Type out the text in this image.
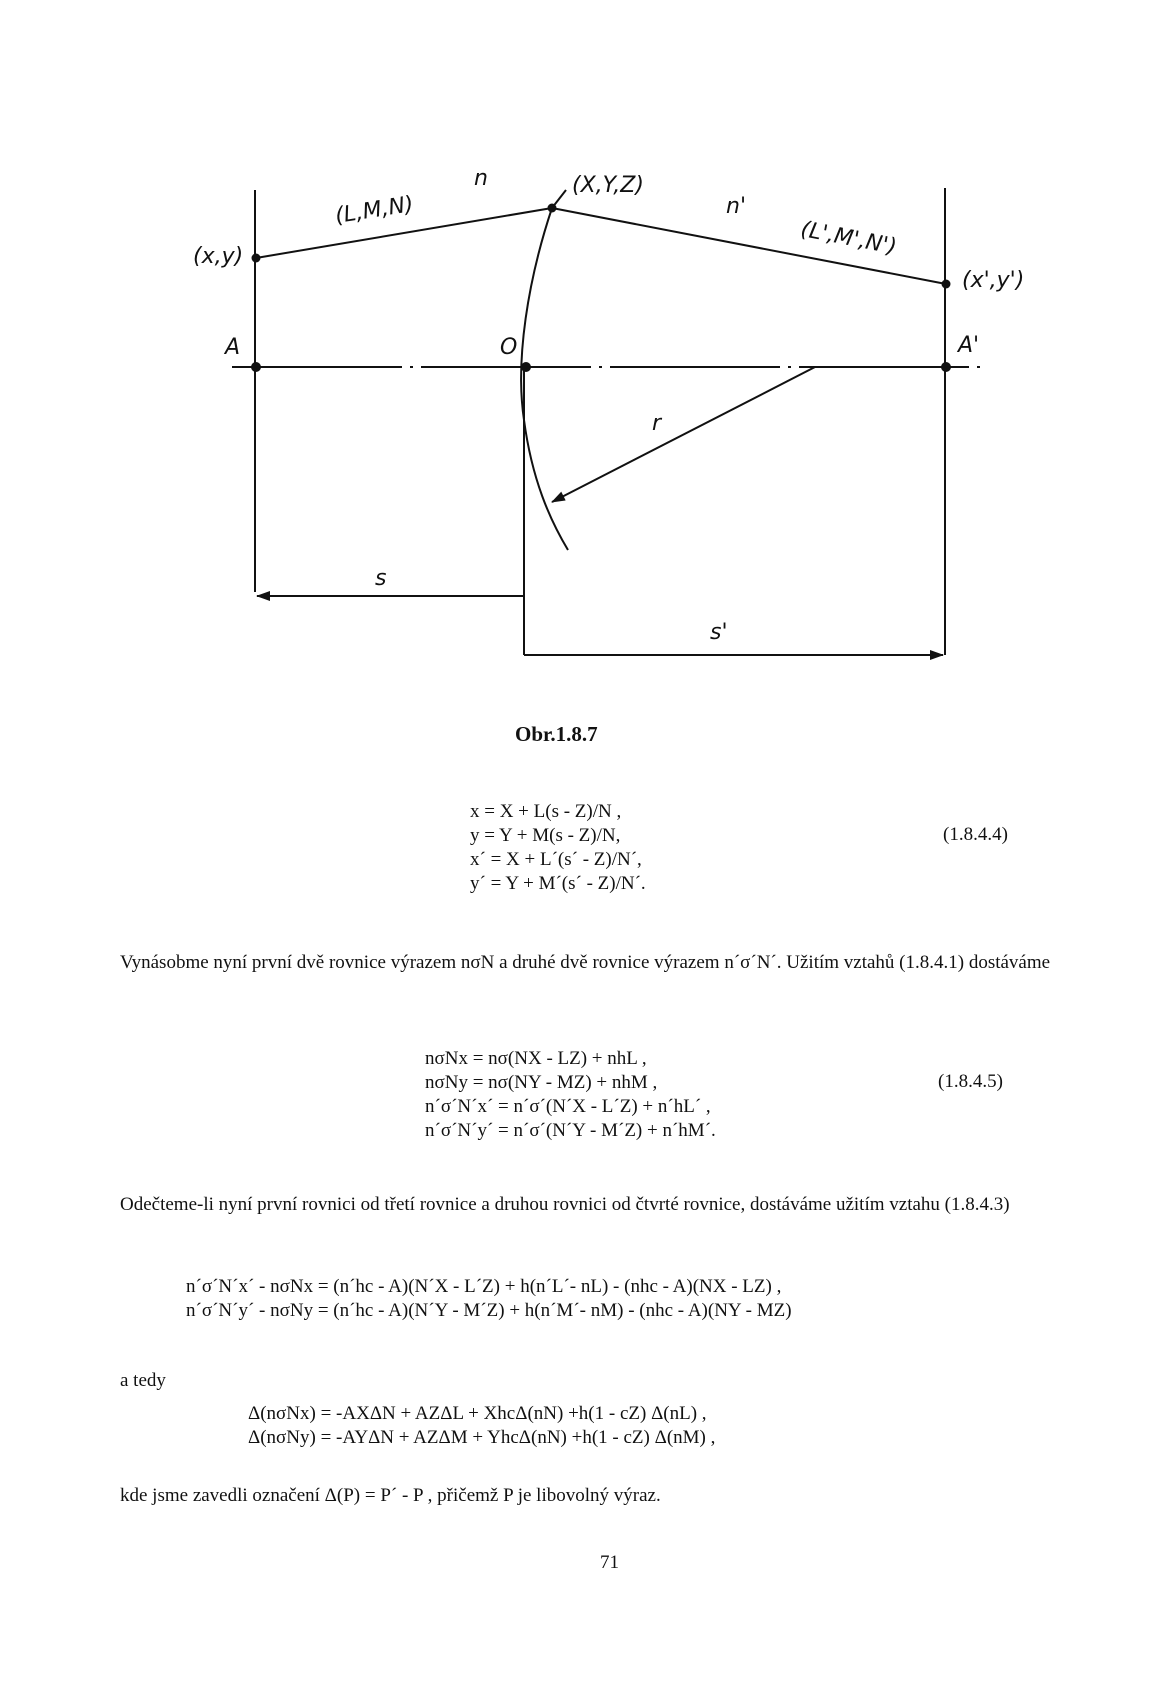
(x,y)
(L,M,N)
n	(X,Y,Z)
n'
(L',M',N')
(x',y')
A	O	A'
r
s
s'
Obr.1.8.7
x = X + L(s - Z)/N ,
y = Y + M(s - Z)/N,
x´ = X + L´(s´ - Z)/N´,
y´ = Y + M´(s´ - Z)/N´.
(1.8.4.4)
Vynásobme nyní první dvě rovnice výrazem nσN a druhé dvě rovnice výrazem n´σ´N´. Užitím vztahů (1.8.4.1) dostáváme
nσNx = nσ(NX - LZ) + nhL ,
nσNy = nσ(NY - MZ) + nhM ,
n´σ´N´x´ = n´σ´(N´X - L´Z) + n´hL´ ,
n´σ´N´y´ = n´σ´(N´Y - M´Z) + n´hM´.
(1.8.4.5)
Odečteme-li nyní první rovnici od třetí rovnice a druhou rovnici od čtvrté rovnice, dostáváme užitím vztahu (1.8.4.3)
n´σ´N´x´ - nσNx = (n´hc - A)(N´X - L´Z) + h(n´L´- nL) - (nhc - A)(NX - LZ) ,
n´σ´N´y´ - nσNy = (n´hc - A)(N´Y - M´Z) + h(n´M´- nM) - (nhc - A)(NY - MZ)
a tedy
Δ(nσNx) = -AXΔN + AZΔL + XhcΔ(nN) +h(1 - cZ) Δ(nL) ,
Δ(nσNy) = -AYΔN + AZΔM + YhcΔ(nN) +h(1 - cZ) Δ(nM) ,
kde jsme zavedli označení Δ(P) = P´ - P , přičemž P je libovolný výraz.
71
